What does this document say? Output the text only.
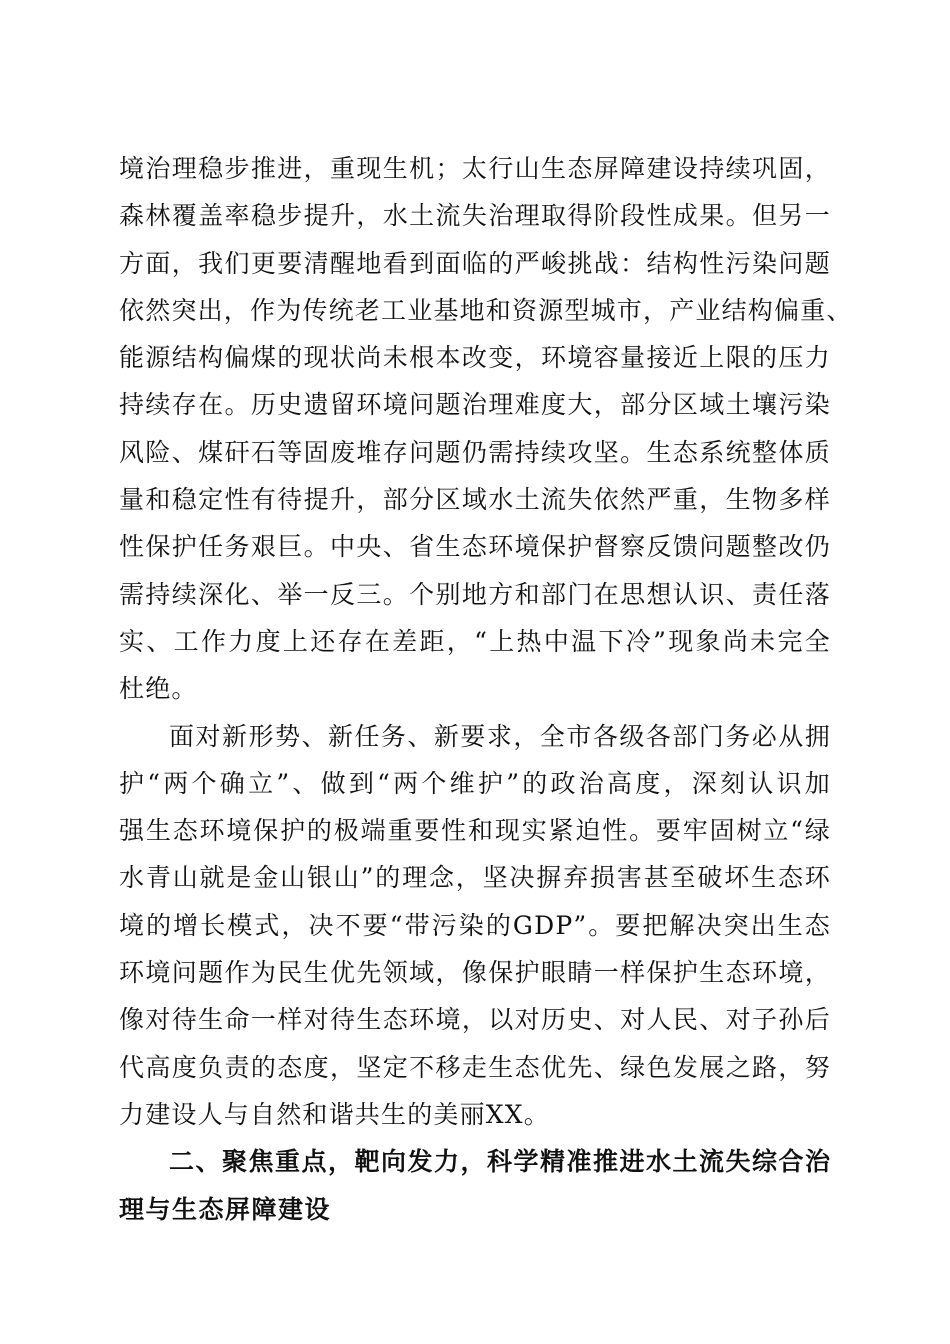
境治理稳步推进，重现生机；太行山生态屏障建设持续巩固，
森林覆盖率稳步提升，水土流失治理取得阶段性成果。但另一
方面，我们更要清醒地看到面临的严峻挑战：结构性污染问题
依然突出，作为传统老工业基地和资源型城市，产业结构偏重、
能源结构偏煤的现状尚未根本改变，环境容量接近上限的压力
持续存在。历史遗留环境问题治理难度大，部分区域土壤污染
风险、煤矸石等固废堆存问题仍需持续攻坚。生态系统整体质
量和稳定性有待提升，部分区域水土流失依然严重，生物多样
性保护任务艰巨。中央、省生态环境保护督察反馈问题整改仍
需持续深化、举一反三。个别地方和部门在思想认识、责任落
实、工作力度上还存在差距，“上热中温下冷”现象尚未完全
杜绝。
面对新形势、新任务、新要求，全市各级各部门务必从拥
护“两个确立”、做到“两个维护”的政治高度，深刻认识加
强生态环境保护的极端重要性和现实紧迫性。要牢固树立“绿
水青山就是金山银山”的理念，坚决摒弃损害甚至破坏生态环
境的增长模式，决不要“带污染的GDP”。要把解决突出生态
环境问题作为民生优先领域，像保护眼睛一样保护生态环境，
像对待生命一样对待生态环境，以对历史、对人民、对子孙后
代高度负责的态度，坚定不移走生态优先、绿色发展之路，努
力建设人与自然和谐共生的美丽XX。
二、聚焦重点，靶向发力，科学精准推进水土流失综合治
理与生态屏障建设
